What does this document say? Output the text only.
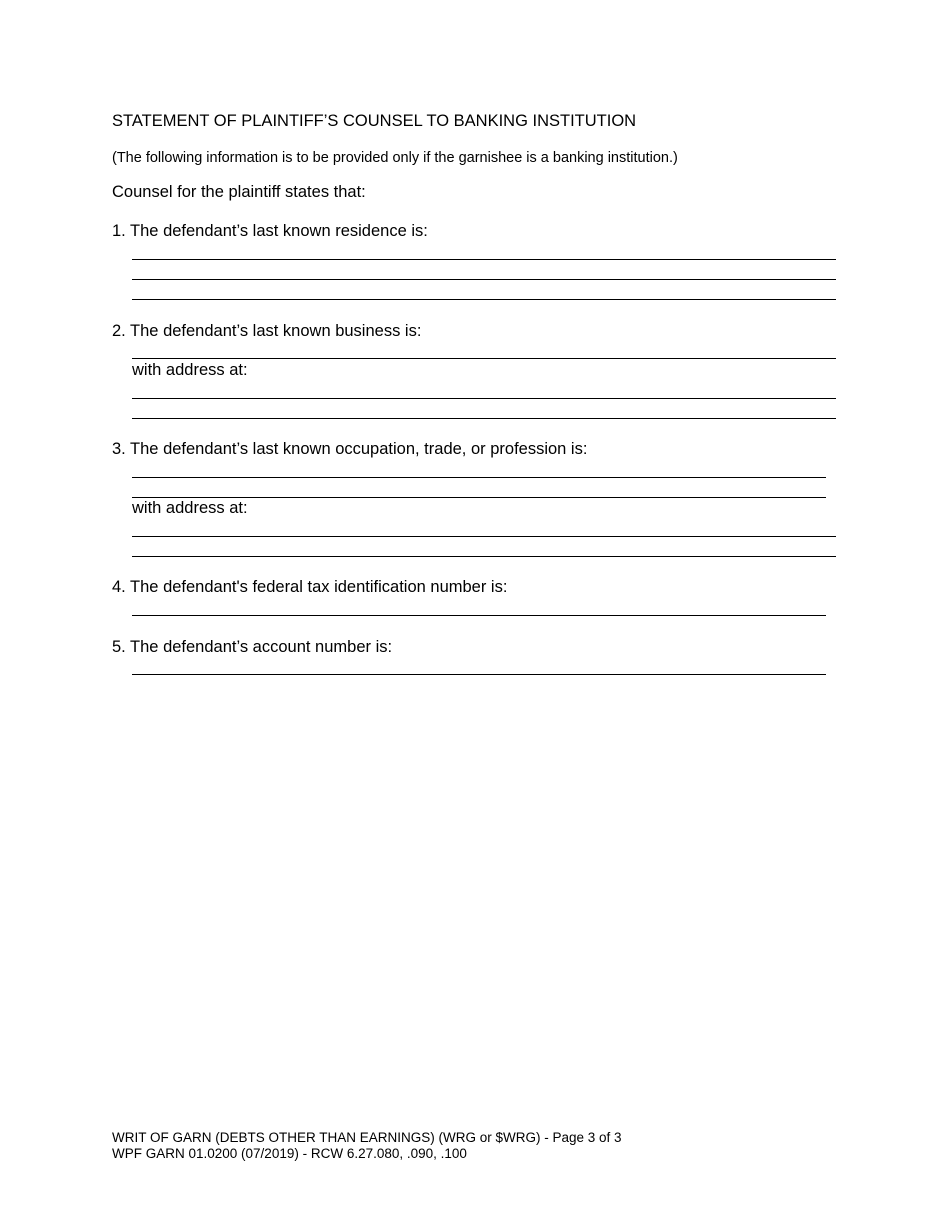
STATEMENT OF PLAINTIFF’S COUNSEL TO BANKING INSTITUTION
(The following information is to be provided only if the garnishee is a banking institution.)
Counsel for the plaintiff states that:
1. The defendant’s last known residence is:
2. The defendant’s last known business is:
with address at:
3. The defendant’s last known occupation, trade, or profession is:
with address at:
4. The defendant's federal tax identification number is:
5. The defendant’s account number is:
WRIT OF GARN (DEBTS OTHER THAN EARNINGS) (WRG or $WRG) - Page 3 of 3
WPF GARN 01.0200 (07/2019) - RCW 6.27.080, .090, .100
